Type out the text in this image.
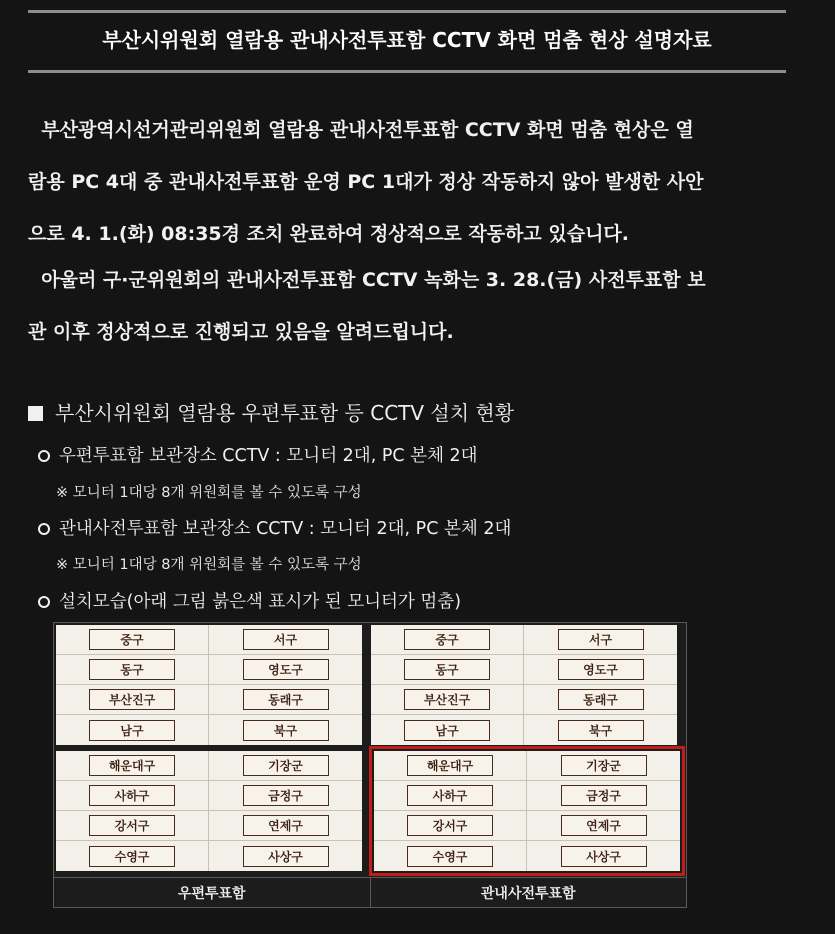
부산시위원회 열람용 관내사전투표함 CCTV 화면 멈춤 현상 설명자료
부산광역시선거관리위원회 열람용 관내사전투표함 CCTV 화면 멈춤 현상은 열
람용 PC 4대 중 관내사전투표함 운영 PC 1대가 정상 작동하지 않아 발생한 사안
으로 4. 1.(화) 08:35경 조치 완료하여 정상적으로 작동하고 있습니다.
아울러 구·군위원회의 관내사전투표함 CCTV 녹화는 3. 28.(금) 사전투표함 보
관 이후 정상적으로 진행되고 있음을 알려드립니다.
부산시위원회 열람용 우편투표함 등 CCTV 설치 현황
우편투표함 보관장소 CCTV : 모니터 2대, PC 본체 2대
※ 모니터 1대당 8개 위원회를 볼 수 있도록 구성
관내사전투표함 보관장소 CCTV : 모니터 2대, PC 본체 2대
※ 모니터 1대당 8개 위원회를 볼 수 있도록 구성
설치모습(아래 그림 붉은색 표시가 된 모니터가 멈춤)
중구	서구
동구	영도구
부산진구	동래구
남구	북구
중구	서구
동구	영도구
부산진구	동래구
남구	북구
해운대구	기장군
사하구	금정구
강서구	연제구
수영구	사상구
해운대구	기장군
사하구	금정구
강서구	연제구
수영구	사상구
우편투표함	관내사전투표함
